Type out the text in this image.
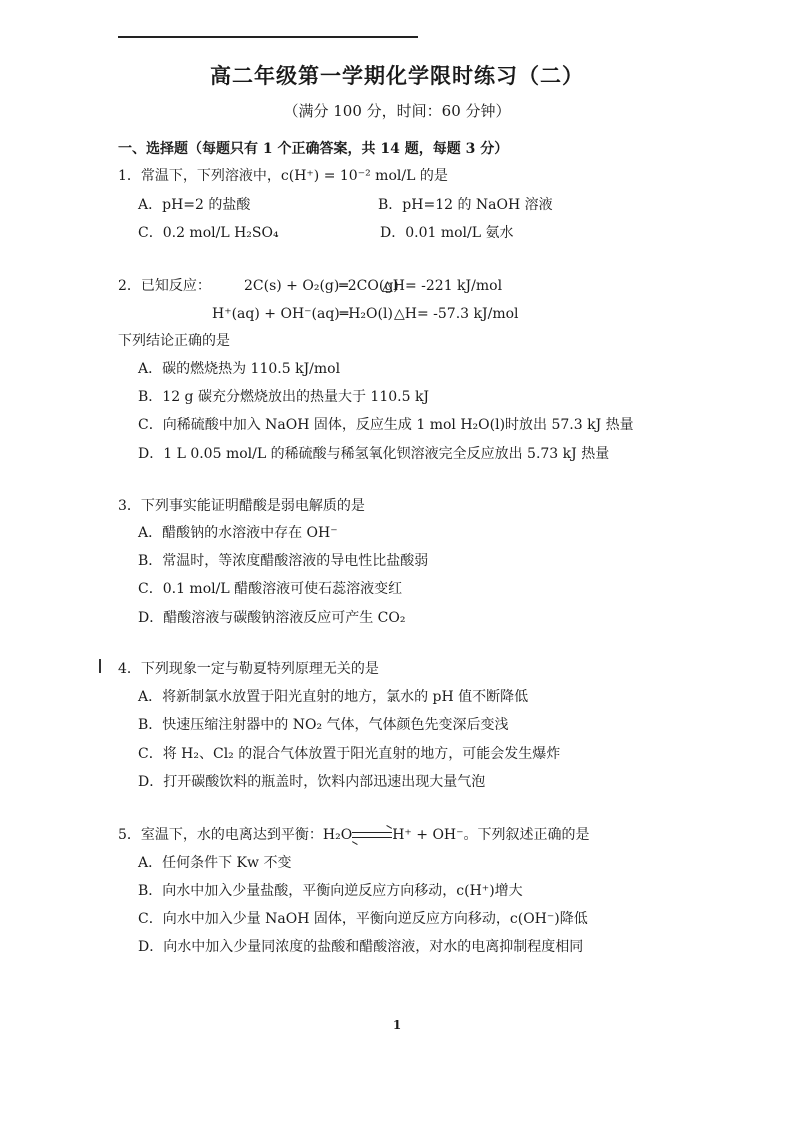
高二年级第一学期化学限时练习（二）
（满分 100 分，时间：60 分钟）
一、选择题（每题只有 1 个正确答案，共 14 题，每题 3 分）
1．常温下，下列溶液中，c(H⁺) = 10⁻² mol/L 的是
A．pH=2 的盐酸	B．pH=12 的 NaOH 溶液
C．0.2 mol/L H₂SO₄	D．0.01 mol/L 氨水
2．已知反应： 2C(s) + O₂(g)═2CO(g)
△H= -221 kJ/mol
H⁺(aq) + OH⁻(aq)═H₂O(l) △H= -57.3 kJ/mol
下列结论正确的是
A．碳的燃烧热为 110.5 kJ/mol
B．12 g 碳充分燃烧放出的热量大于 110.5 kJ
C．向稀硫酸中加入 NaOH 固体，反应生成 1 mol H₂O(l)时放出 57.3 kJ 热量
D．1 L 0.05 mol/L 的稀硫酸与稀氢氧化钡溶液完全反应放出 5.73 kJ 热量
3．下列事实能证明醋酸是弱电解质的是
A．醋酸钠的水溶液中存在 OH⁻
B．常温时，等浓度醋酸溶液的导电性比盐酸弱
C．0.1 mol/L 醋酸溶液可使石蕊溶液变红
D．醋酸溶液与碳酸钠溶液反应可产生 CO₂
4．下列现象一定与勒夏特列原理无关的是
A．将新制氯水放置于阳光直射的地方，氯水的 pH 值不断降低
B．快速压缩注射器中的 NO₂ 气体，气体颜色先变深后变浅
C．将 H₂、Cl₂ 的混合气体放置于阳光直射的地方，可能会发生爆炸
D．打开碳酸饮料的瓶盖时，饮料内部迅速出现大量气泡
5．室温下，水的电离达到平衡：H₂O→H⁺ + OH⁻。下列叙述正确的是
A．任何条件下 Kw 不变
B．向水中加入少量盐酸，平衡向逆反应方向移动，c(H⁺)增大
C．向水中加入少量 NaOH 固体，平衡向逆反应方向移动，c(OH⁻)降低
D．向水中加入少量同浓度的盐酸和醋酸溶液，对水的电离抑制程度相同
1
